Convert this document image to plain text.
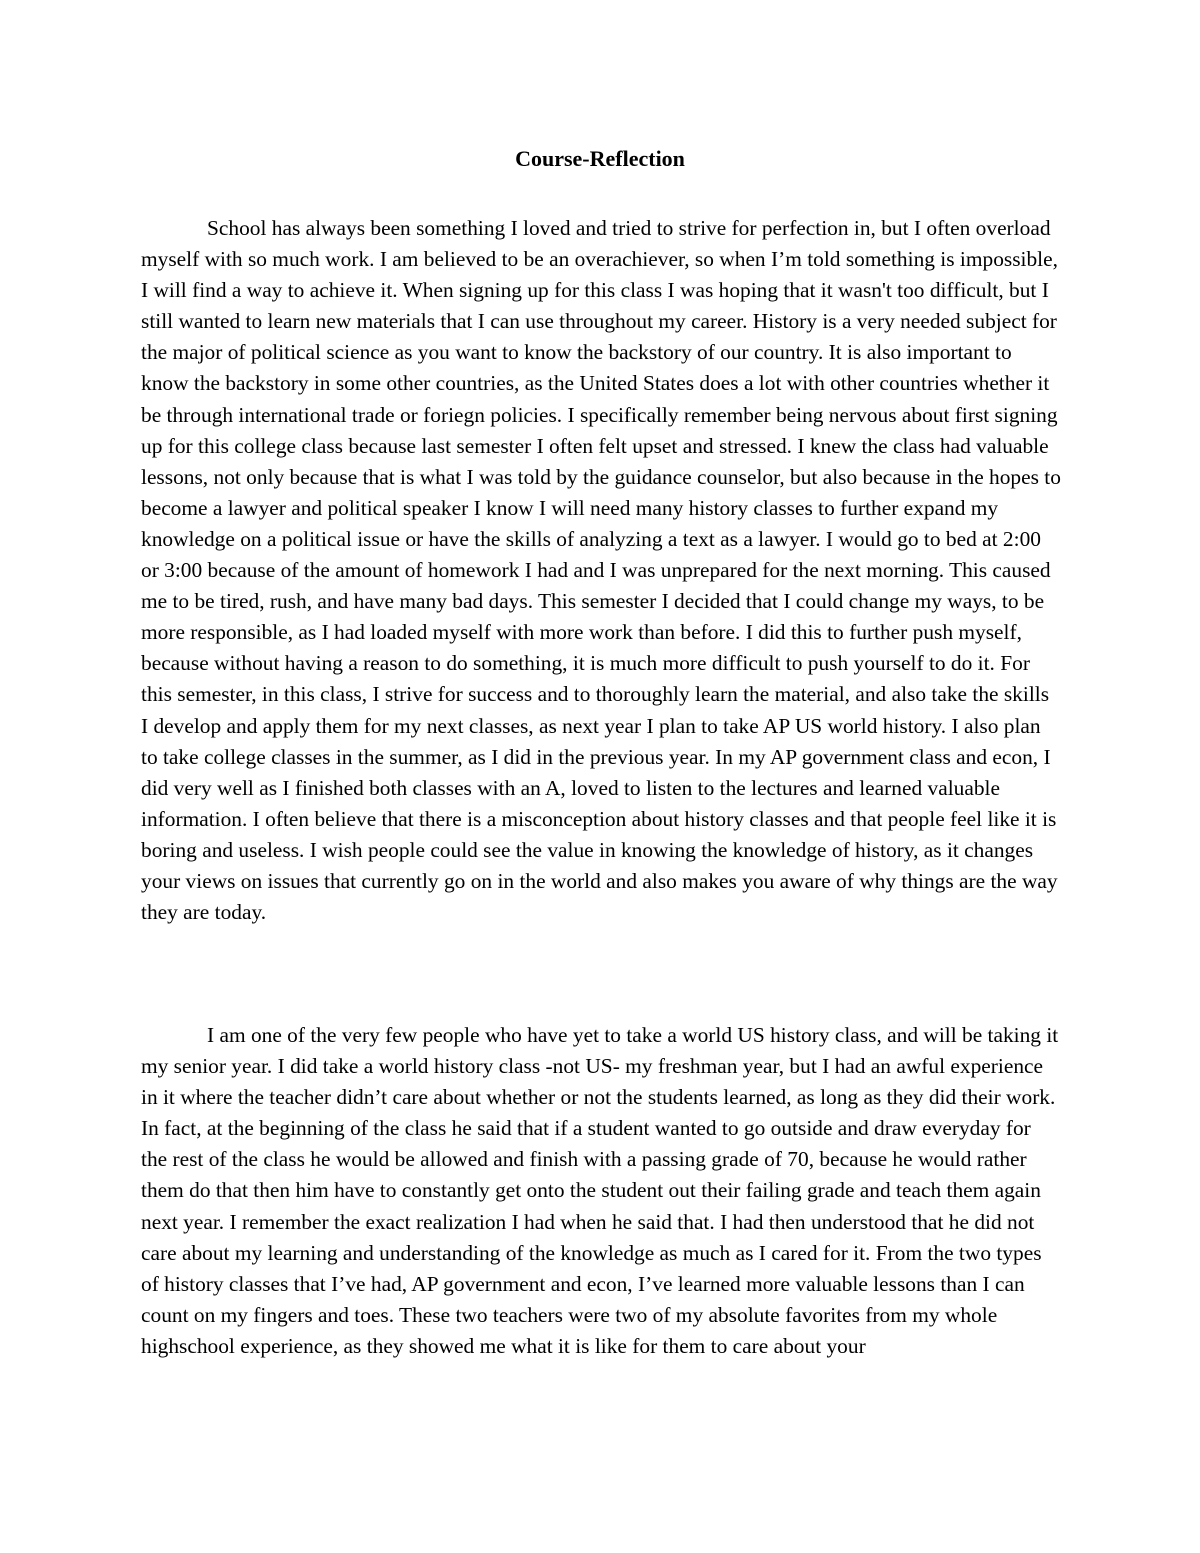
Course-Reflection

School has always been something I loved and tried to strive for perfection in, but I often overload myself with so much work. I am believed to be an overachiever, so when I’m told something is impossible, I will find a way to achieve it. When signing up for this class I was hoping that it wasn't too difficult, but I still wanted to learn new materials that I can use throughout my career. History is a very needed subject for the major of political science as you want to know the backstory of our country. It is also important to know the backstory in some other countries, as the United States does a lot with other countries whether it be through international trade or foriegn policies. I specifically remember being nervous about first signing up for this college class because last semester I often felt upset and stressed. I knew the class had valuable lessons, not only because that is what I was told by the guidance counselor, but also because in the hopes to become a lawyer and political speaker I know I will need many history classes to further expand my knowledge on a political issue or have the skills of analyzing a text as a lawyer. I would go to bed at 2:00 or 3:00 because of the amount of homework I had and I was unprepared for the next morning. This caused me to be tired, rush, and have many bad days. This semester I decided that I could change my ways, to be more responsible, as I had loaded myself with more work than before. I did this to further push myself, because without having a reason to do something, it is much more difficult to push yourself to do it. For this semester, in this class, I strive for success and to thoroughly learn the material, and also take the skills I develop and apply them for my next classes, as next year I plan to take AP US world history. I also plan to take college classes in the summer, as I did in the previous year. In my AP government class and econ, I did very well as I finished both classes with an A, loved to listen to the lectures and learned valuable information. I often believe that there is a misconception about history classes and that people feel like it is boring and useless. I wish people could see the value in knowing the knowledge of history, as it changes your views on issues that currently go on in the world and also makes you aware of why things are the way they are today.

I am one of the very few people who have yet to take a world US history class, and will be taking it my senior year. I did take a world history class -not US- my freshman year, but I had an awful experience in it where the teacher didn’t care about whether or not the students learned, as long as they did their work. In fact, at the beginning of the class he said that if a student wanted to go outside and draw everyday for the rest of the class he would be allowed and finish with a passing grade of 70, because he would rather them do that then him have to constantly get onto the student out their failing grade and teach them again next year. I remember the exact realization I had when he said that. I had then understood that he did not care about my learning and understanding of the knowledge as much as I cared for it. From the two types of history classes that I’ve had, AP government and econ, I’ve learned more valuable lessons than I can count on my fingers and toes. These two teachers were two of my absolute favorites from my whole highschool experience, as they showed me what it is like for them to care about your
